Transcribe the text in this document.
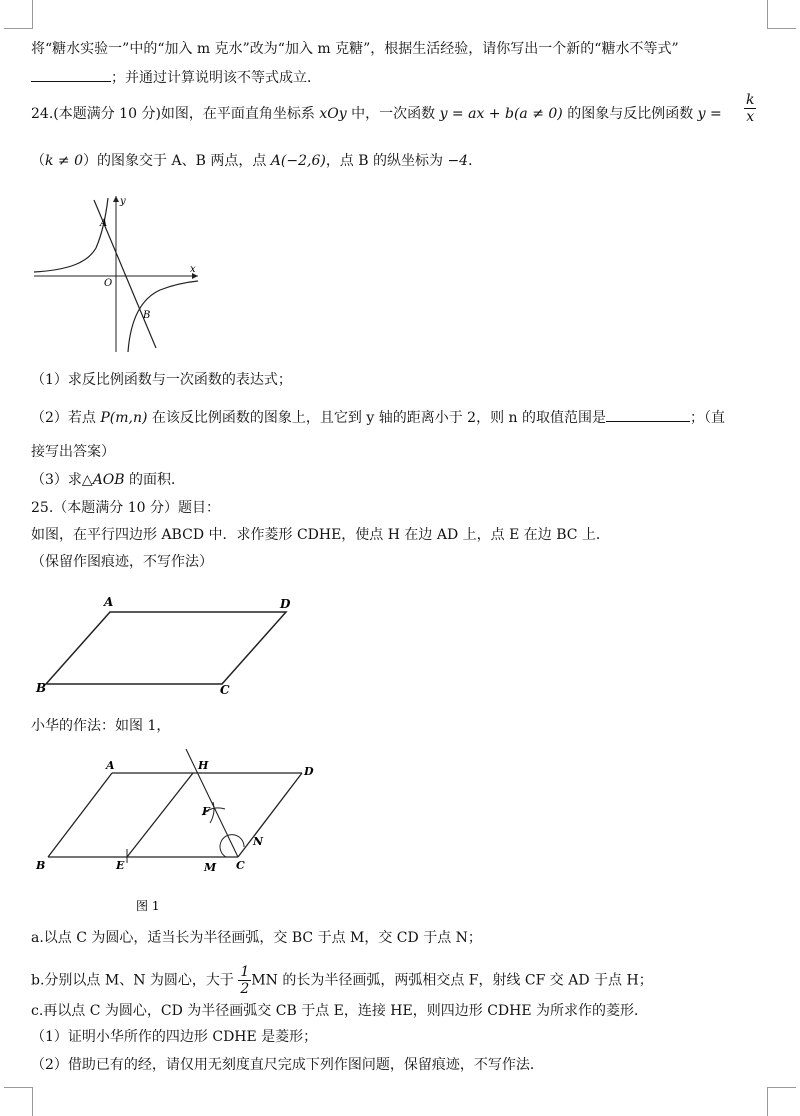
将“糖水实验一”中的“加入 m 克水”改为“加入 m 克糖”，根据生活经验，请你写出一个新的“糖水不等式”
；并通过计算说明该不等式成立．
24.(本题满分 10 分)如图，在平面直角坐标系 xOy 中，一次函数 y = ax + b(a ≠ 0) 的图象与反比例函数 $y = \frac{k}{x}$
（k ≠ 0）的图象交于 A、B 两点，点 A(−2,6)，点 B 的纵坐标为 −4．
y
x
O
A
B
（1）求反比例函数与一次函数的表达式；
（2）若点 P(m,n) 在该反比例函数的图象上，且它到 y 轴的距离小于 2，则 n 的取值范围是	；（直
接写出答案）
（3）求△AOB 的面积．
25.（本题满分 10 分）题目：
如图，在平行四边形 ABCD 中．求作菱形 CDHE，使点 H 在边 AD 上，点 E 在边 BC 上．
（保留作图痕迹，不写作法）
A	D
B	C
小华的作法：如图 1，
A	H	D
F
N
B	E	M C
图 1
a.以点 C 为圆心，适当长为半径画弧，交 BC 于点 M，交 CD 于点 N；
b.分别以点 M、N 为圆心，大于 $\frac{1}{2}$ MN 的长为半径画弧，两弧相交点 F，射线 CF 交 AD 于点 H；
c.再以点 C 为圆心，CD 为半径画弧交 CB 于点 E，连接 HE，则四边形 CDHE 为所求作的菱形．
（1）证明小华所作的四边形 CDHE 是菱形；
（2）借助已有的经，请仅用无刻度直尺完成下列作图问题，保留痕迹，不写作法．
